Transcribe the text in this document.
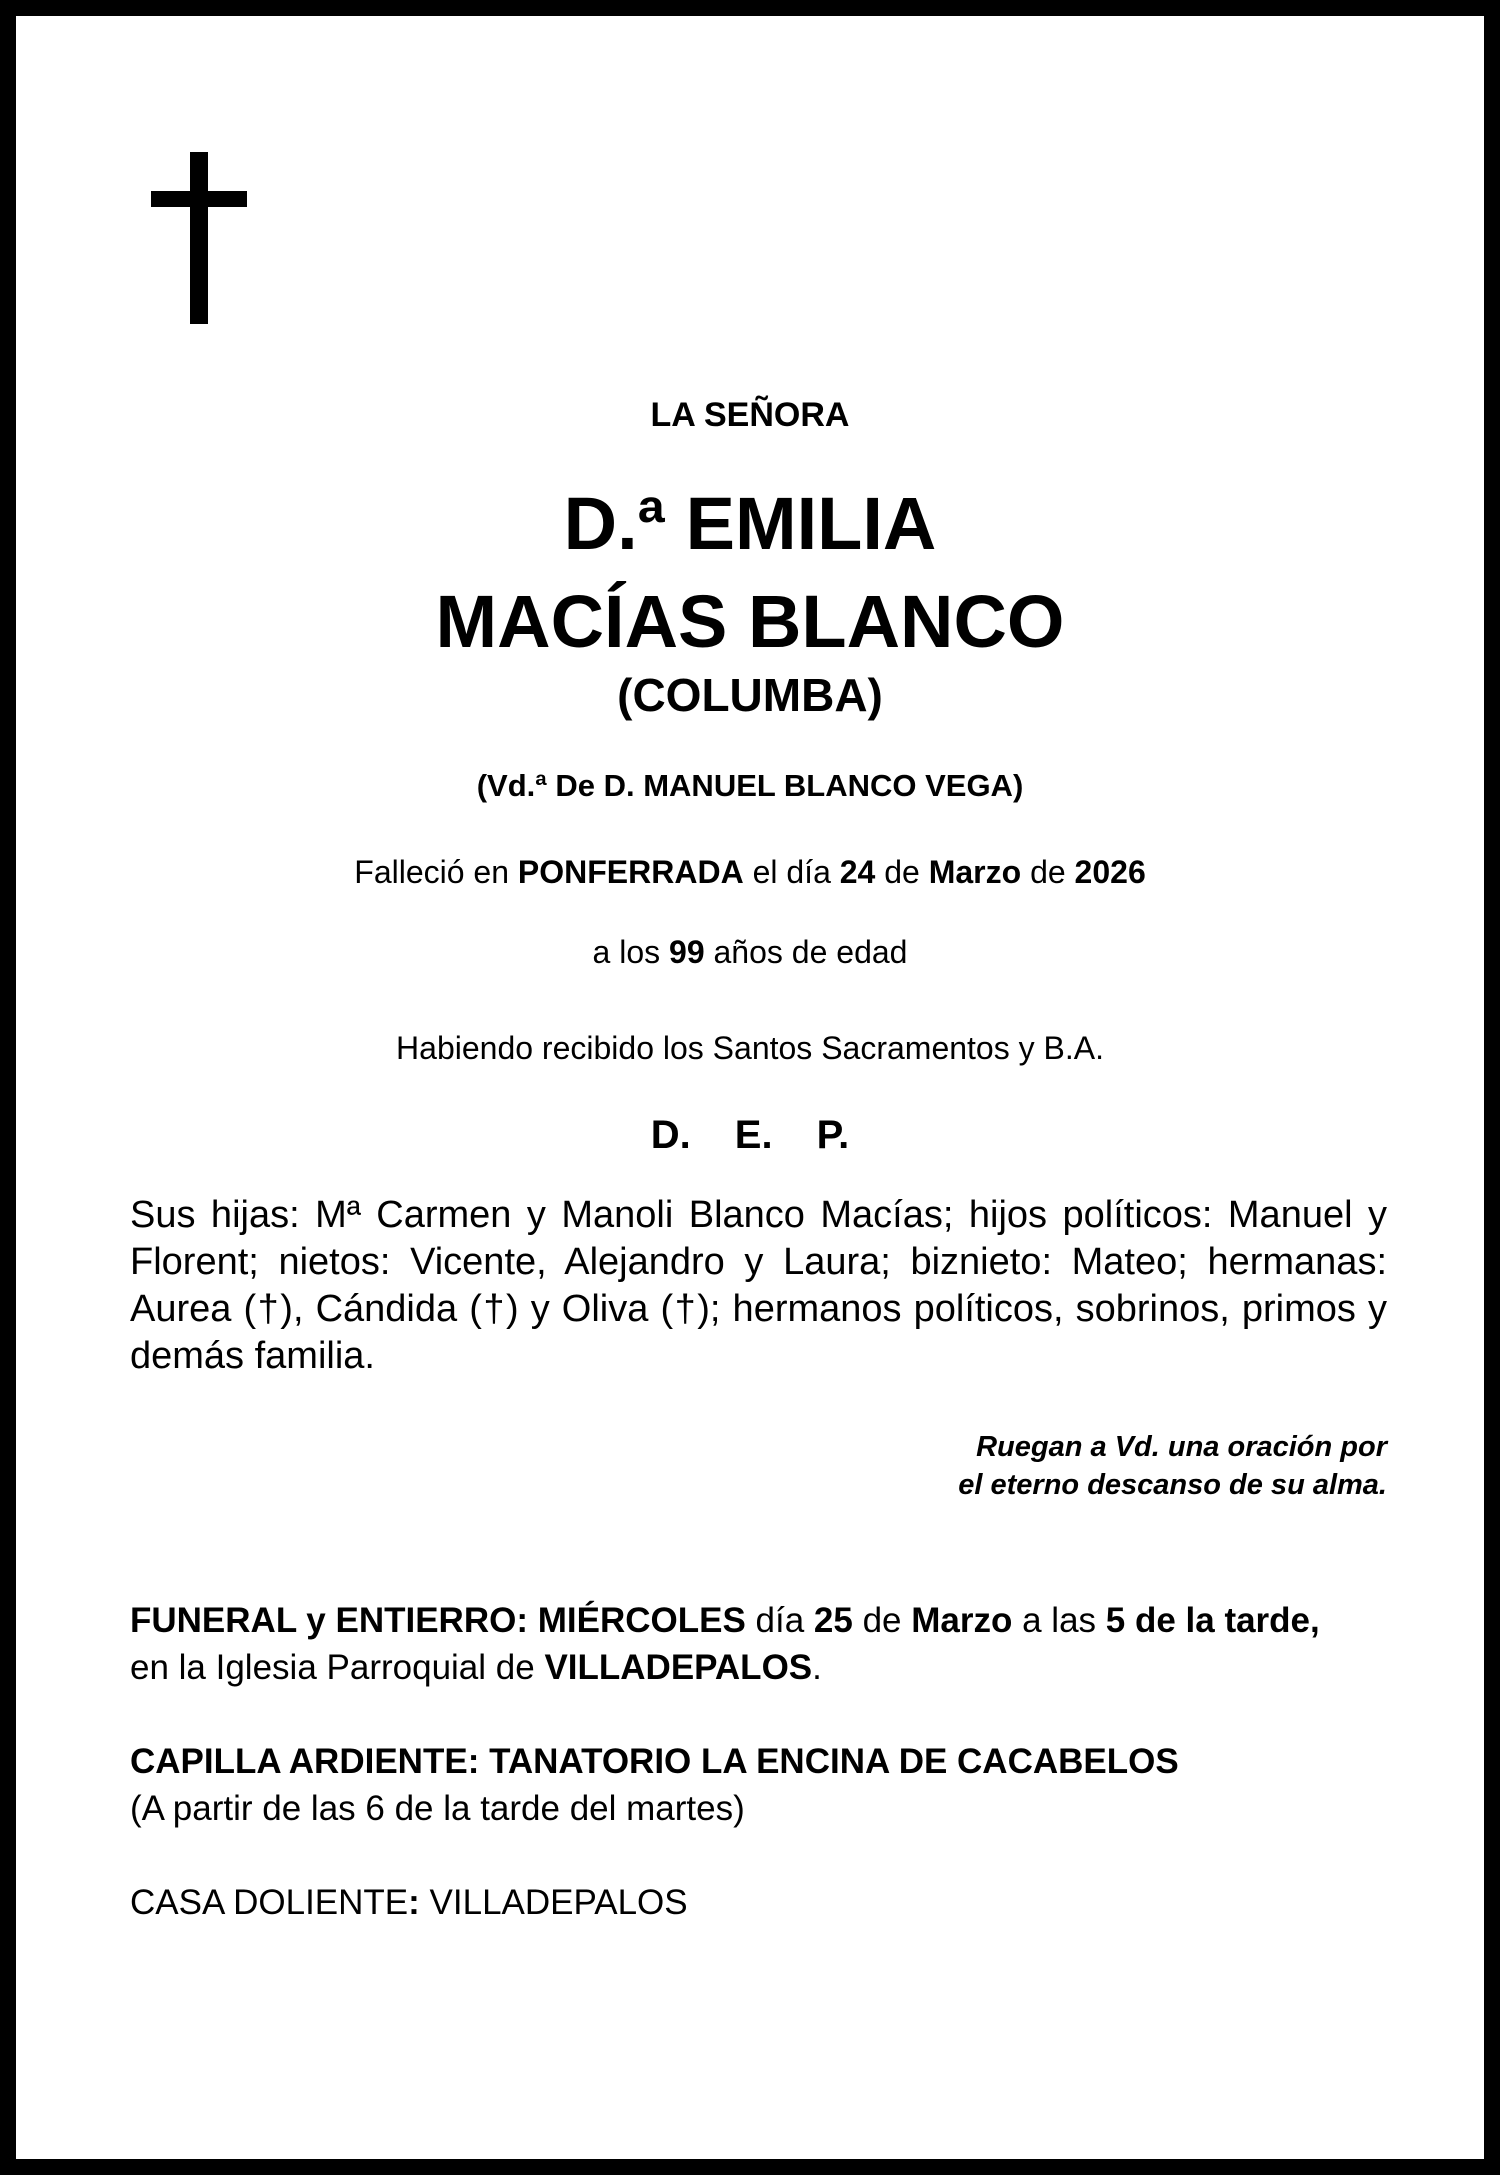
LA SEÑORA
D.ª EMILIA
MACÍAS BLANCO
(COLUMBA)
(Vd.ª De D. MANUEL BLANCO VEGA)
Falleció en PONFERRADA el día 24 de Marzo de 2026
a los 99 años de edad
Habiendo recibido los Santos Sacramentos y B.A.
D. E. P.
Sus hijas: Mª Carmen y Manoli Blanco Macías; hijos políticos: Manuel y Florent; nietos: Vicente, Alejandro y Laura; biznieto: Mateo; hermanas: Aurea (†), Cándida (†) y Oliva (†); hermanos políticos, sobrinos, primos y demás familia.
Ruegan a Vd. una oración por
el eterno descanso de su alma.
FUNERAL y ENTIERRO: MIÉRCOLES día 25 de Marzo a las 5 de la tarde,
en la Iglesia Parroquial de VILLADEPALOS.
CAPILLA ARDIENTE: TANATORIO LA ENCINA DE CACABELOS
(A partir de las 6 de la tarde del martes)
CASA DOLIENTE: VILLADEPALOS
